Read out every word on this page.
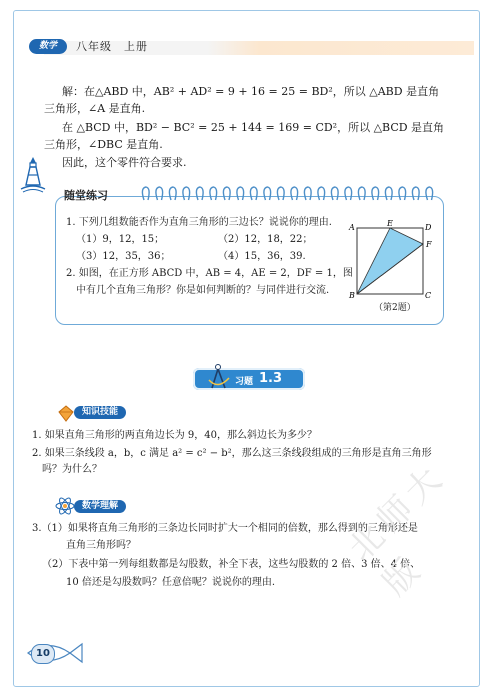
数学	八年级　上册
解：在△ABD 中，AB² + AD² = 9 + 16 = 25 = BD²，所以 △ABD 是直角
三角形，∠A 是直角.
在 △BCD 中，BD² − BC² = 25 + 144 = 169 = CD²，所以 △BCD 是直角
三角形，∠DBC 是直角.
因此，这个零件符合要求.
随堂练习
1. 下列几组数能否作为直角三角形的三边长？说说你的理由.
（1）9，12，15；	（2）12，18，22；
（3）12，35，36；	（4）15，36，39.
2. 如图，在正方形 ABCD 中，AB = 4，AE = 2，DF = 1，图
中有几个直角三角形？你是如何判断的？与同伴进行交流.
A	E	D
F
B	C
（第2题）
习题 1.3
知识技能
1. 如果直角三角形的两直角边长为 9，40，那么斜边长为多少？
2. 如果三条线段 a，b，c 满足 a² = c² − b²，那么这三条线段组成的三角形是直角三角形
吗？为什么？
数学理解
3.（1）如果将直角三角形的三条边长同时扩大一个相同的倍数，那么得到的三角形还是
直角三角形吗？
（2）下表中第一列每组数都是勾股数，补全下表，这些勾股数的 2 倍、3 倍、4 倍、
10 倍还是勾股数吗？任意倍呢？说说你的理由.
北师大版
10
